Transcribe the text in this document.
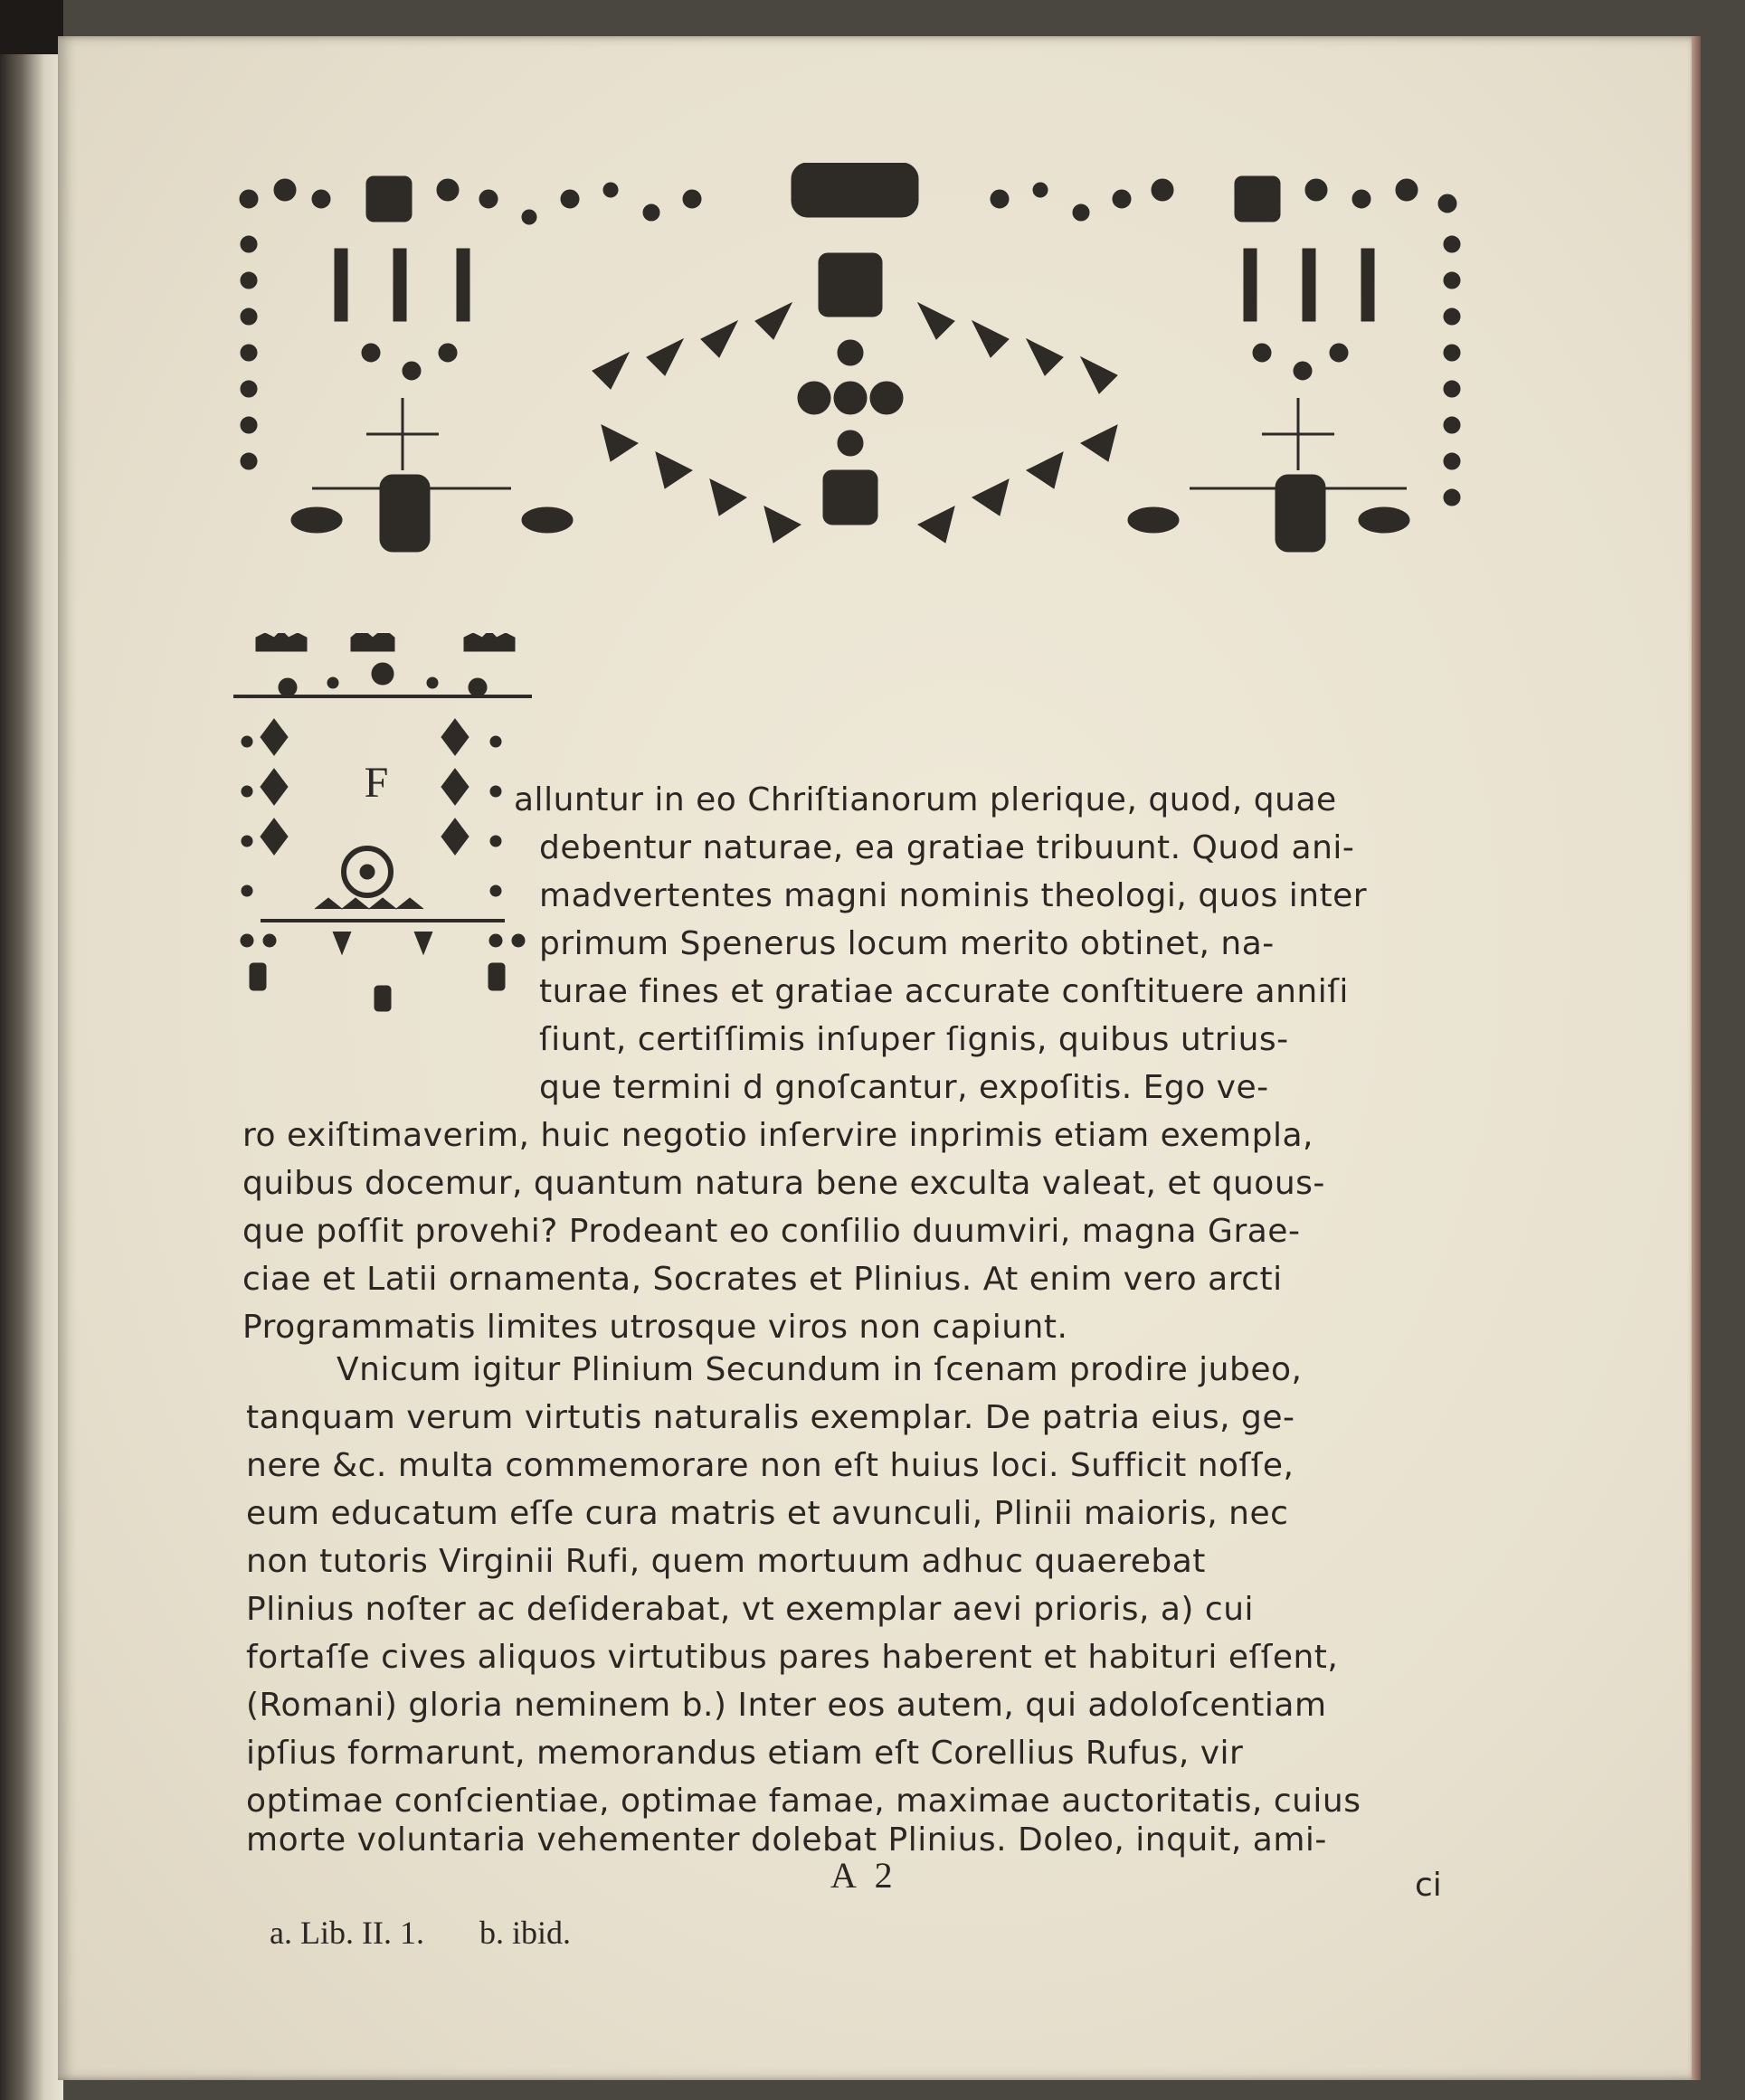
F	alluntur in eo Chriſtianorum plerique, quod, quae
debentur naturae, ea gratiae tribuunt. Quod ani-
madvertentes magni nominis theologi, quos inter
primum Spenerus locum merito obtinet, na-
turae fines et gratiae accurate conſtituere anniſi
ſiunt, certiſſimis inſuper ſignis, quibus utrius-
que termini d gnoſcantur, expoſitis. Ego ve-
ro exiſtimaverim, huic negotio inſervire inprimis etiam exempla,
quibus docemur, quantum natura bene exculta valeat, et quous-
que poſſit provehi? Prodeant eo conſilio duumviri, magna Grae-
ciae et Latii ornamenta, Socrates et Plinius. At enim vero arcti
Programmatis limites utrosque viros non capiunt.
Vnicum igitur Plinium Secundum in ſcenam prodire jubeo,
tanquam verum virtutis naturalis exemplar. De patria eius, ge-
nere &c. multa commemorare non eſt huius loci. Sufficit noſſe,
eum educatum eſſe cura matris et avunculi, Plinii maioris, nec
non tutoris Virginii Rufi, quem mortuum adhuc quaerebat
Plinius noſter ac deſiderabat, vt exemplar aevi prioris, a) cui
fortaſſe cives aliquos virtutibus pares haberent et habituri eſſent,
(Romani) gloria neminem b.) Inter eos autem, qui adoloſcentiam
ipſius formarunt, memorandus etiam eſt Corellius Rufus, vir
optimae conſcientiae, optimae famae, maximae auctoritatis, cuius
morte voluntaria vehementer dolebat Plinius. Doleo, inquit, ami-
A 2	ci
a. Lib. II. 1. b. ibid.
